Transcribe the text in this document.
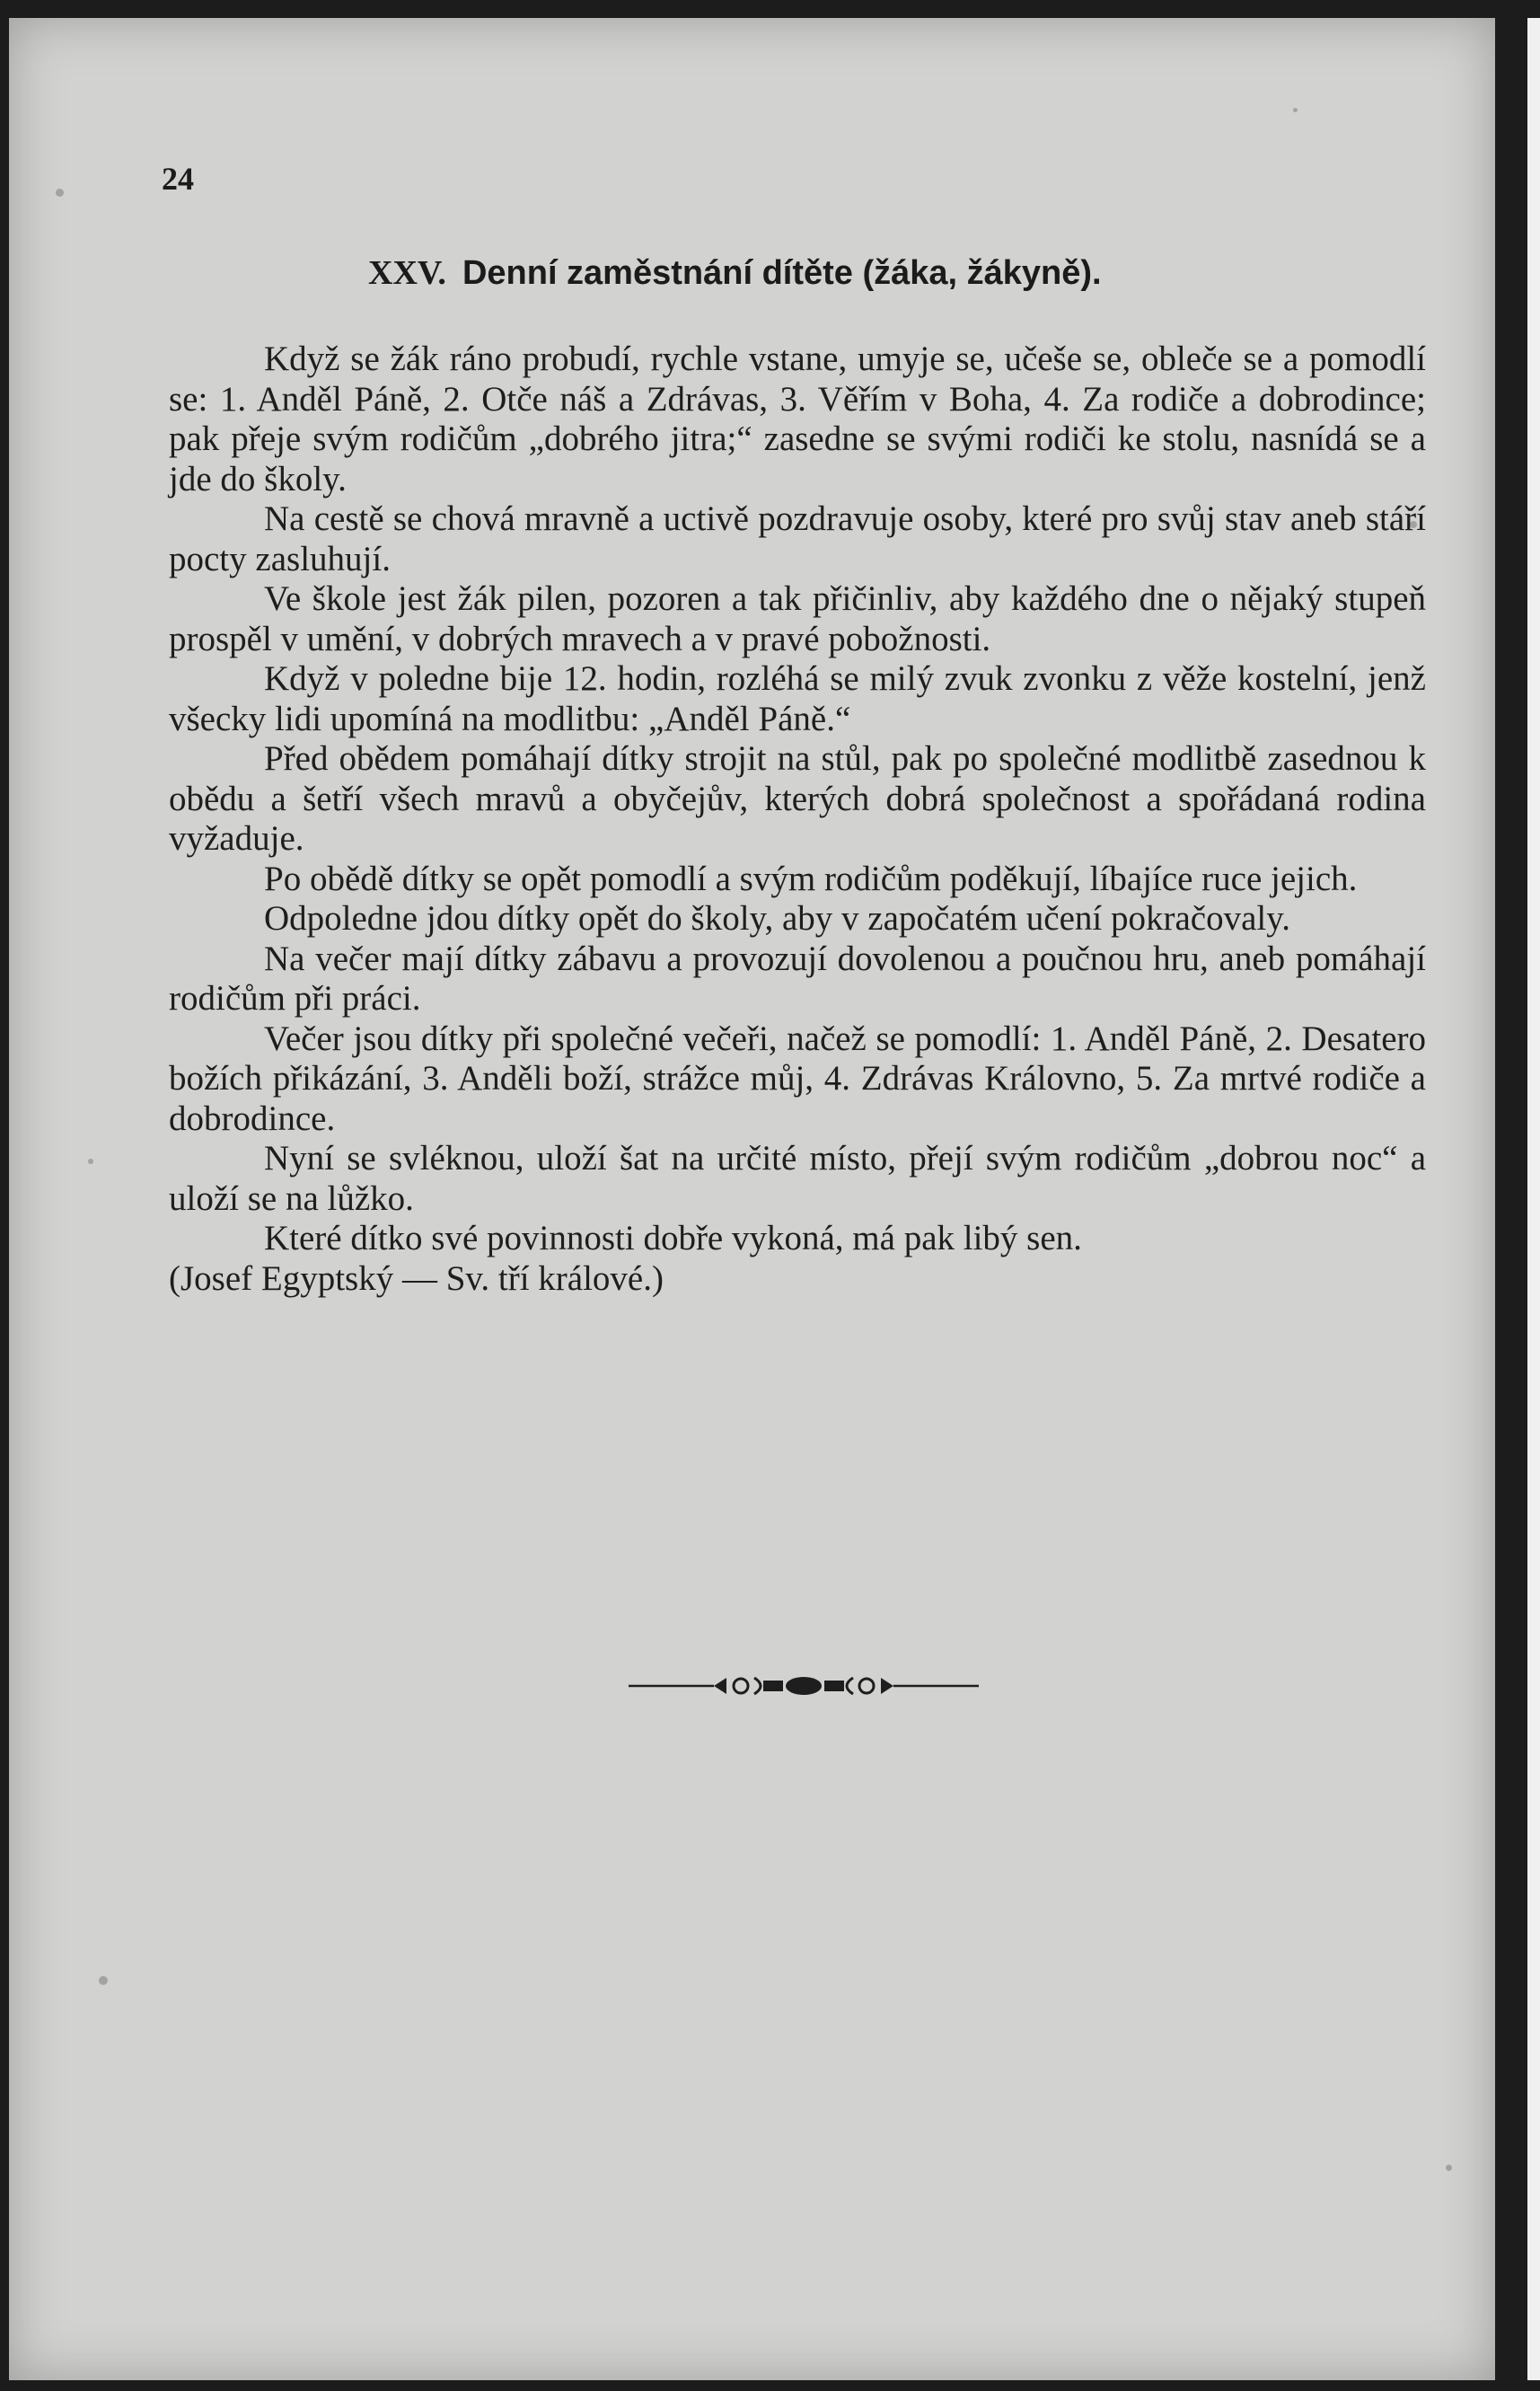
24
XXV. Denní zaměstnání dítěte (žáka, žákyně).

Když se žák ráno probudí, rychle vstane, umyje se, učeše se, obleče se a pomodlí se: 1. Anděl Páně, 2. Otče náš a Zdrávas, 3. Věřím v Boha, 4. Za rodiče a dobrodince; pak přeje svým rodičům „dobrého jitra;“ zasedne se svými rodiči ke stolu, nasnídá se a jde do školy.

Na cestě se chová mravně a uctivě pozdravuje osoby, které pro svůj stav aneb stáří pocty zasluhují.

Ve škole jest žák pilen, pozoren a tak přičinliv, aby každého dne o nějaký stupeň prospěl v umění, v dobrých mravech a v pravé pobožnosti.

Když v poledne bije 12. hodin, rozléhá se milý zvuk zvonku z věže kostelní, jenž všecky lidi upomíná na modlitbu: „Anděl Páně.“

Před obědem pomáhají dítky strojit na stůl, pak po společné modlitbě zasednou k obědu a šetří všech mravů a obyčejův, kterých dobrá společnost a spořádaná rodina vyžaduje.

Po obědě dítky se opět pomodlí a svým rodičům poděkují, líbajíce ruce jejich.

Odpoledne jdou dítky opět do školy, aby v započatém učení pokračovaly.

Na večer mají dítky zábavu a provozují dovolenou a poučnou hru, aneb pomáhají rodičům při práci.

Večer jsou dítky při společné večeři, načež se pomodlí: 1. Anděl Páně, 2. Desatero božích přikázání, 3. Anděli boží, strážce můj, 4. Zdrávas Královno, 5. Za mrtvé rodiče a dobrodince.

Nyní se svléknou, uloží šat na určité místo, přejí svým rodičům „dobrou noc“ a uloží se na lůžko.

Které dítko své povinnosti dobře vykoná, má pak libý sen.

(Josef Egyptský — Sv. tří králové.)
